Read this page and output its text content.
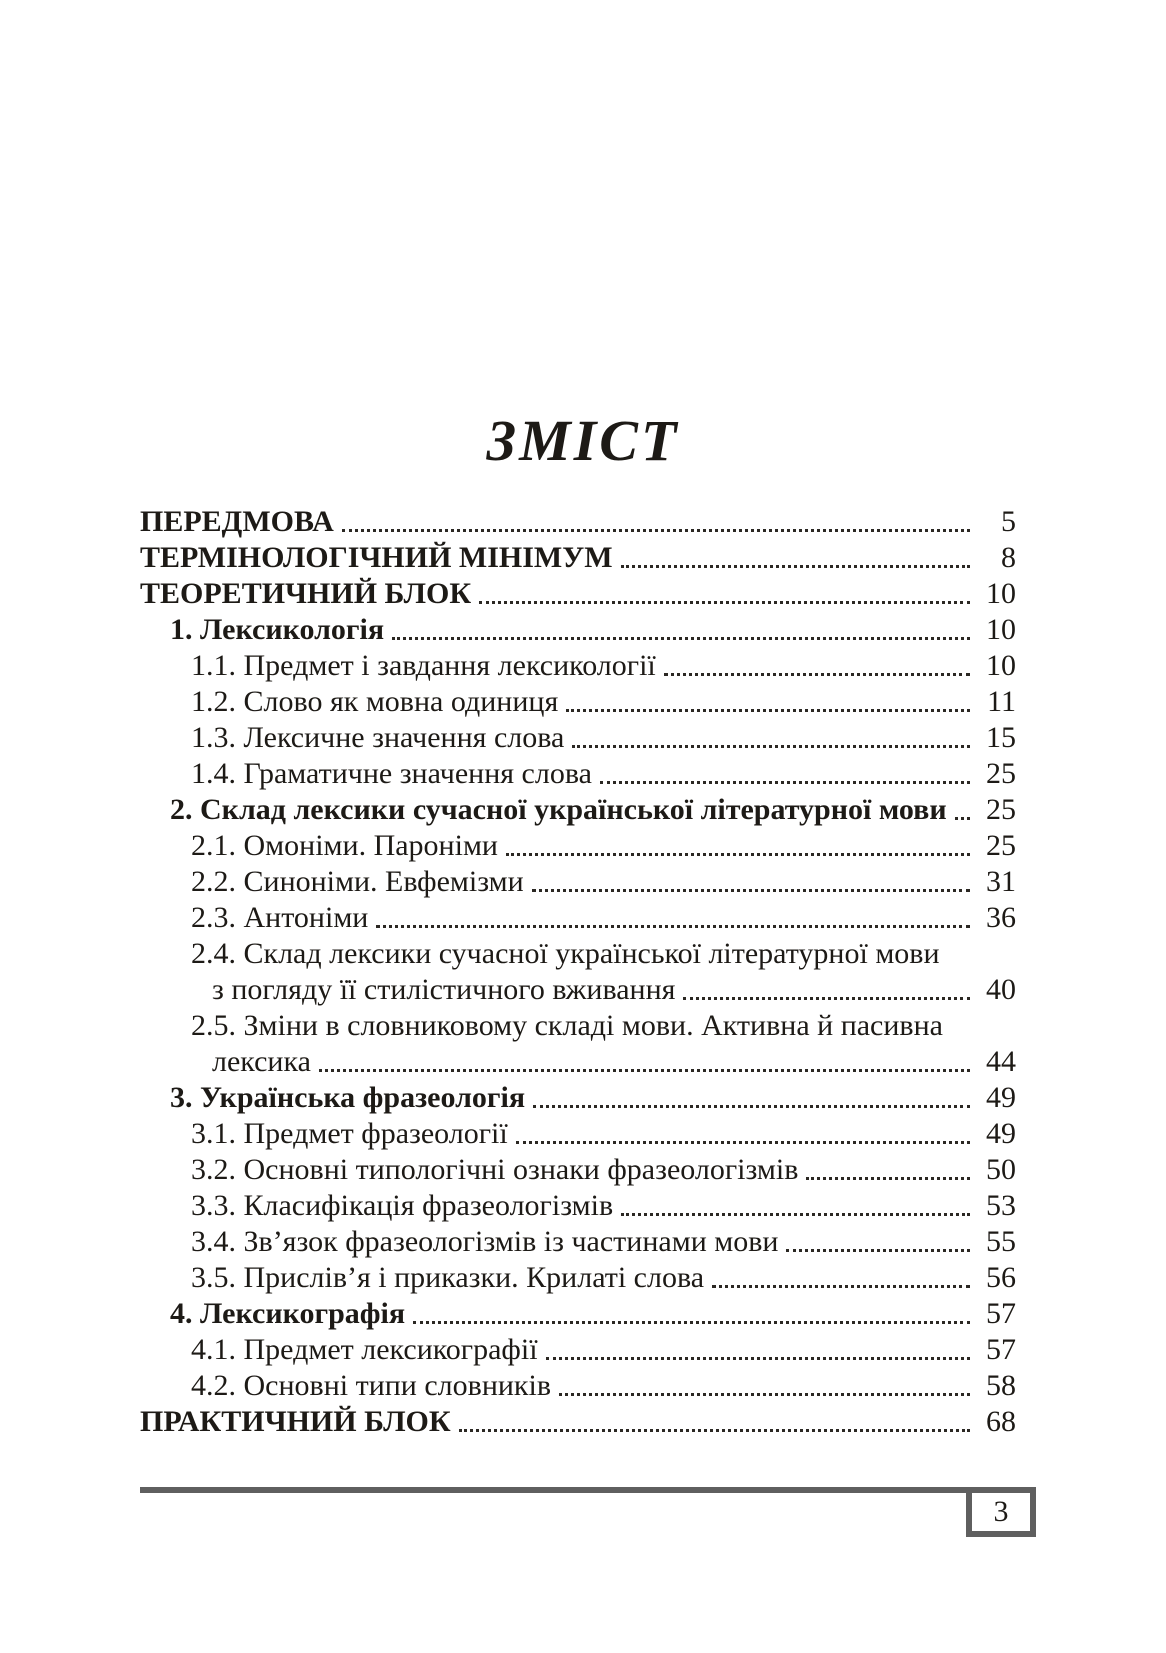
ЗМІСТ
ПЕРЕДМОВА	5
ТЕРМІНОЛОГІЧНИЙ МІНІМУМ	8
ТЕОРЕТИЧНИЙ БЛОК	10
1. Лексикологія	10
1.1. Предмет і завдання лексикології	10
1.2. Слово як мовна одиниця	11
1.3. Лексичне значення слова	15
1.4. Граматичне значення слова	25
2. Склад лексики сучасної української літературної мови	25
2.1. Омоніми. Пароніми	25
2.2. Синоніми. Евфемізми	31
2.3. Антоніми	36
2.4. Склад лексики сучасної української літературної мови
з погляду її стилістичного вживання	40
2.5. Зміни в словниковому складі мови. Активна й пасивна
лексика	44
3. Українська фразеологія	49
3.1. Предмет фразеології	49
3.2. Основні типологічні ознаки фразеологізмів	50
3.3. Класифікація фразеологізмів	53
3.4. Зв’язок фразеологізмів із частинами мови	55
3.5. Прислів’я і приказки. Крилаті слова	56
4. Лексикографія	57
4.1. Предмет лексикографії	57
4.2. Основні типи словників	58
ПРАКТИЧНИЙ БЛОК	68
3
